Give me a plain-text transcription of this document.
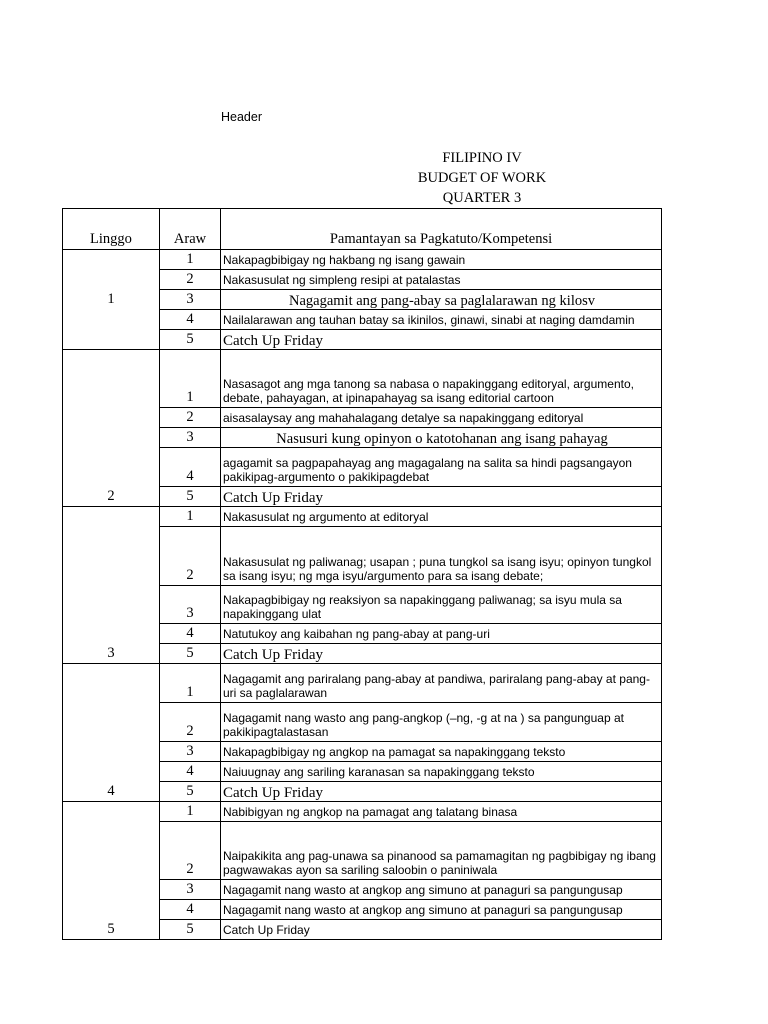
Header
FILIPINO IV
BUDGET OF WORK
QUARTER 3
Linggo	Araw	Pamantayan sa Pagkatuto/Kompetensi
1	1	Nakapagbibigay ng hakbang ng isang gawain
	2	Nakasusulat ng simpleng resipi at patalastas
	3	Nagagamit ang pang-abay sa paglalarawan ng kilosv
	4	Nailalarawan ang tauhan batay sa ikinilos, ginawi, sinabi at naging damdamin
	5	Catch Up Friday
2	1	Nasasagot ang mga tanong sa nabasa o napakinggang editoryal, argumento, debate, pahayagan, at ipinapahayag sa isang editorial cartoon
	2	aisasalaysay ang mahahalagang detalye sa napakinggang editoryal
	3	Nasusuri kung opinyon o katotohanan ang isang pahayag
	4	agagamit sa pagpapahayag ang magagalang na salita sa hindi pagsangayon pakikipag-argumento o pakikipagdebat
	5	Catch Up Friday
3	1	Nakasusulat ng argumento at editoryal
	2	Nakasusulat ng paliwanag; usapan ; puna tungkol sa isang isyu; opinyon tungkol sa isang isyu; ng mga isyu/argumento para sa isang debate;
	3	Nakapagbibigay ng reaksiyon sa napakinggang paliwanag; sa isyu mula sa napakinggang ulat
	4	Natutukoy ang kaibahan ng pang-abay at pang-uri
	5	Catch Up Friday
4	1	Nagagamit ang pariralang pang-abay at pandiwa, pariralang pang-abay at pang-uri sa paglalarawan
	2	Nagagamit nang wasto ang pang-angkop (–ng, -g at na ) sa pangunguap at pakikipagtalastasan
	3	Nakapagbibigay ng angkop na pamagat sa napakinggang teksto
	4	Naiuugnay ang sariling karanasan sa napakinggang teksto
	5	Catch Up Friday
5	1	Nabibigyan ng angkop na pamagat ang talatang binasa
	2	Naipakikita ang pag-unawa sa pinanood sa pamamagitan ng pagbibigay ng ibang pagwawakas ayon sa sariling saloobin o paniniwala
	3	Nagagamit nang wasto at angkop ang simuno at panaguri sa pangungusap
	4	Nagagamit nang wasto at angkop ang simuno at panaguri sa pangungusap
	5	Catch Up Friday
